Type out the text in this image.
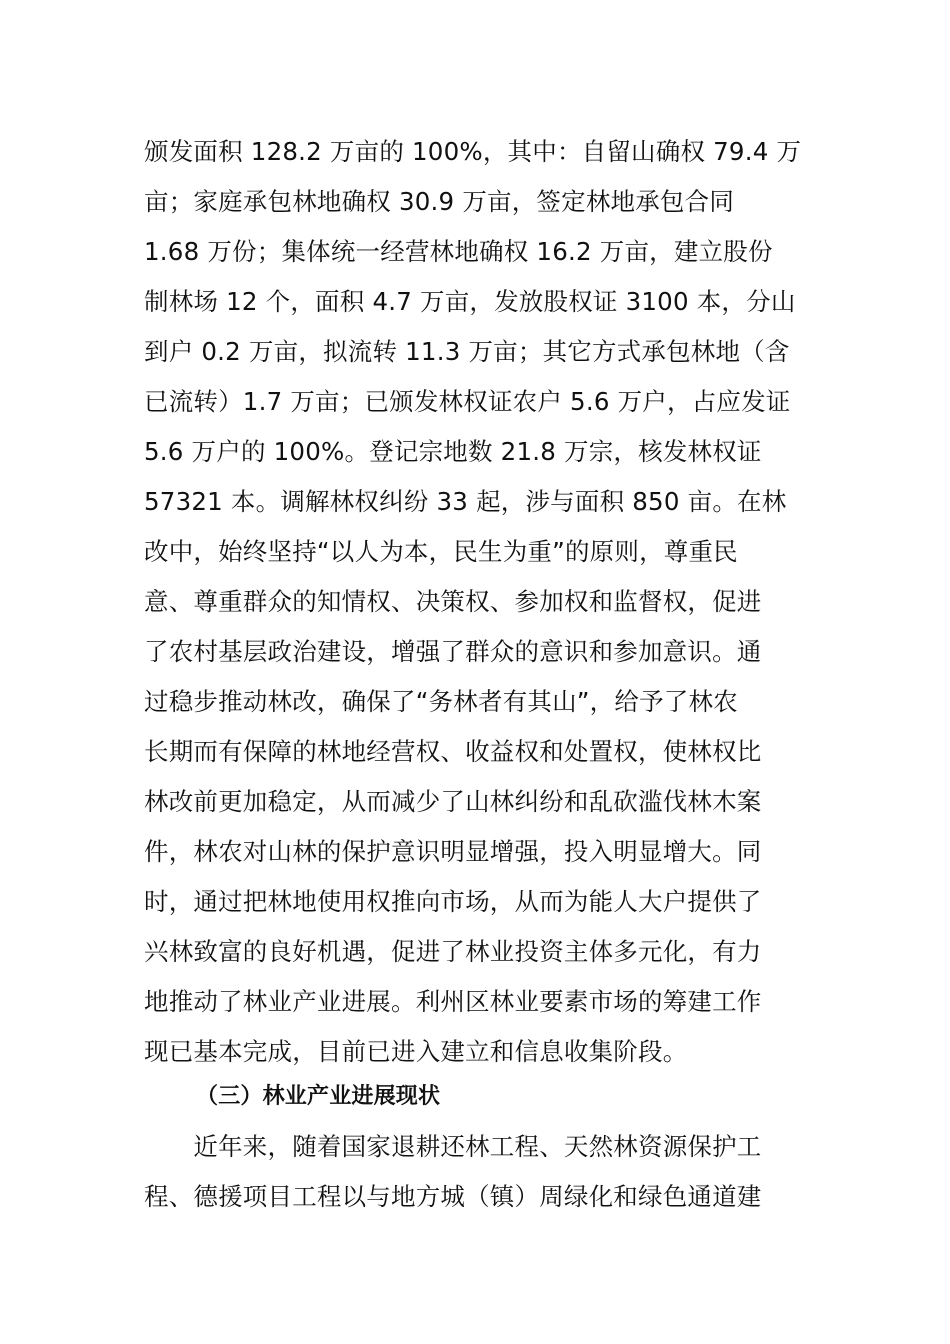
颁发面积 128.2 万亩的 100%，其中：自留山确权 79.4 万
亩；家庭承包林地确权 30.9 万亩，签定林地承包合同
1.68 万份；集体统一经营林地确权 16.2 万亩，建立股份
制林场 12 个，面积 4.7 万亩，发放股权证 3100 本，分山
到户 0.2 万亩，拟流转 11.3 万亩；其它方式承包林地（含
已流转）1.7 万亩；已颁发林权证农户 5.6 万户，占应发证
5.6 万户的 100%。登记宗地数 21.8 万宗，核发林权证
57321 本。调解林权纠纷 33 起，涉与面积 850 亩。在林
改中，始终坚持“以人为本，民生为重”的原则，尊重民
意、尊重群众的知情权、决策权、参加权和监督权，促进
了农村基层政治建设，增强了群众的意识和参加意识。通
过稳步推动林改，确保了“务林者有其山”，给予了林农
长期而有保障的林地经营权、收益权和处置权，使林权比
林改前更加稳定，从而减少了山林纠纷和乱砍滥伐林木案
件，林农对山林的保护意识明显增强，投入明显增大。同
时，通过把林地使用权推向市场，从而为能人大户提供了
兴林致富的良好机遇，促进了林业投资主体多元化，有力
地推动了林业产业进展。利州区林业要素市场的筹建工作
现已基本完成，目前已进入建立和信息收集阶段。
（三）林业产业进展现状
　　近年来，随着国家退耕还林工程、天然林资源保护工
程、德援项目工程以与地方城（镇）周绿化和绿色通道建
